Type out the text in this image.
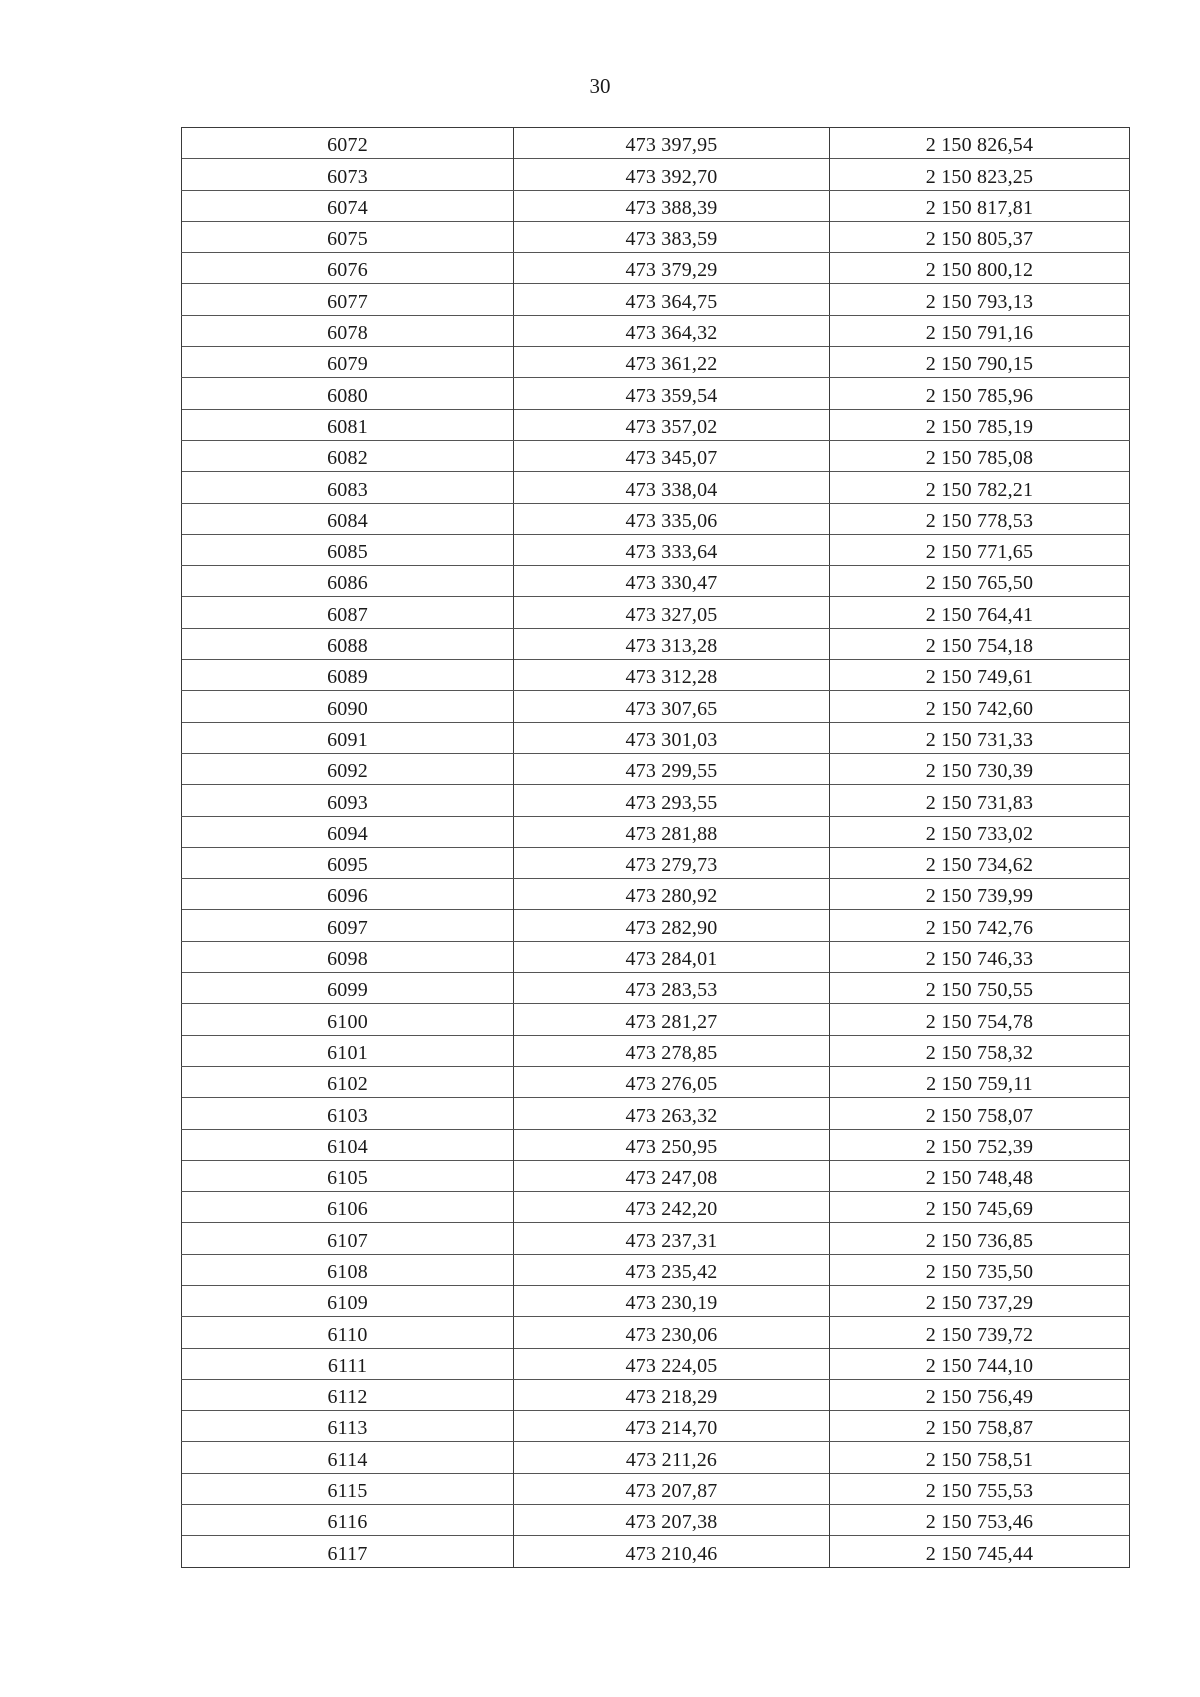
30
6072	473 397,95	2 150 826,54
6073	473 392,70	2 150 823,25
6074	473 388,39	2 150 817,81
6075	473 383,59	2 150 805,37
6076	473 379,29	2 150 800,12
6077	473 364,75	2 150 793,13
6078	473 364,32	2 150 791,16
6079	473 361,22	2 150 790,15
6080	473 359,54	2 150 785,96
6081	473 357,02	2 150 785,19
6082	473 345,07	2 150 785,08
6083	473 338,04	2 150 782,21
6084	473 335,06	2 150 778,53
6085	473 333,64	2 150 771,65
6086	473 330,47	2 150 765,50
6087	473 327,05	2 150 764,41
6088	473 313,28	2 150 754,18
6089	473 312,28	2 150 749,61
6090	473 307,65	2 150 742,60
6091	473 301,03	2 150 731,33
6092	473 299,55	2 150 730,39
6093	473 293,55	2 150 731,83
6094	473 281,88	2 150 733,02
6095	473 279,73	2 150 734,62
6096	473 280,92	2 150 739,99
6097	473 282,90	2 150 742,76
6098	473 284,01	2 150 746,33
6099	473 283,53	2 150 750,55
6100	473 281,27	2 150 754,78
6101	473 278,85	2 150 758,32
6102	473 276,05	2 150 759,11
6103	473 263,32	2 150 758,07
6104	473 250,95	2 150 752,39
6105	473 247,08	2 150 748,48
6106	473 242,20	2 150 745,69
6107	473 237,31	2 150 736,85
6108	473 235,42	2 150 735,50
6109	473 230,19	2 150 737,29
6110	473 230,06	2 150 739,72
6111	473 224,05	2 150 744,10
6112	473 218,29	2 150 756,49
6113	473 214,70	2 150 758,87
6114	473 211,26	2 150 758,51
6115	473 207,87	2 150 755,53
6116	473 207,38	2 150 753,46
6117	473 210,46	2 150 745,44
